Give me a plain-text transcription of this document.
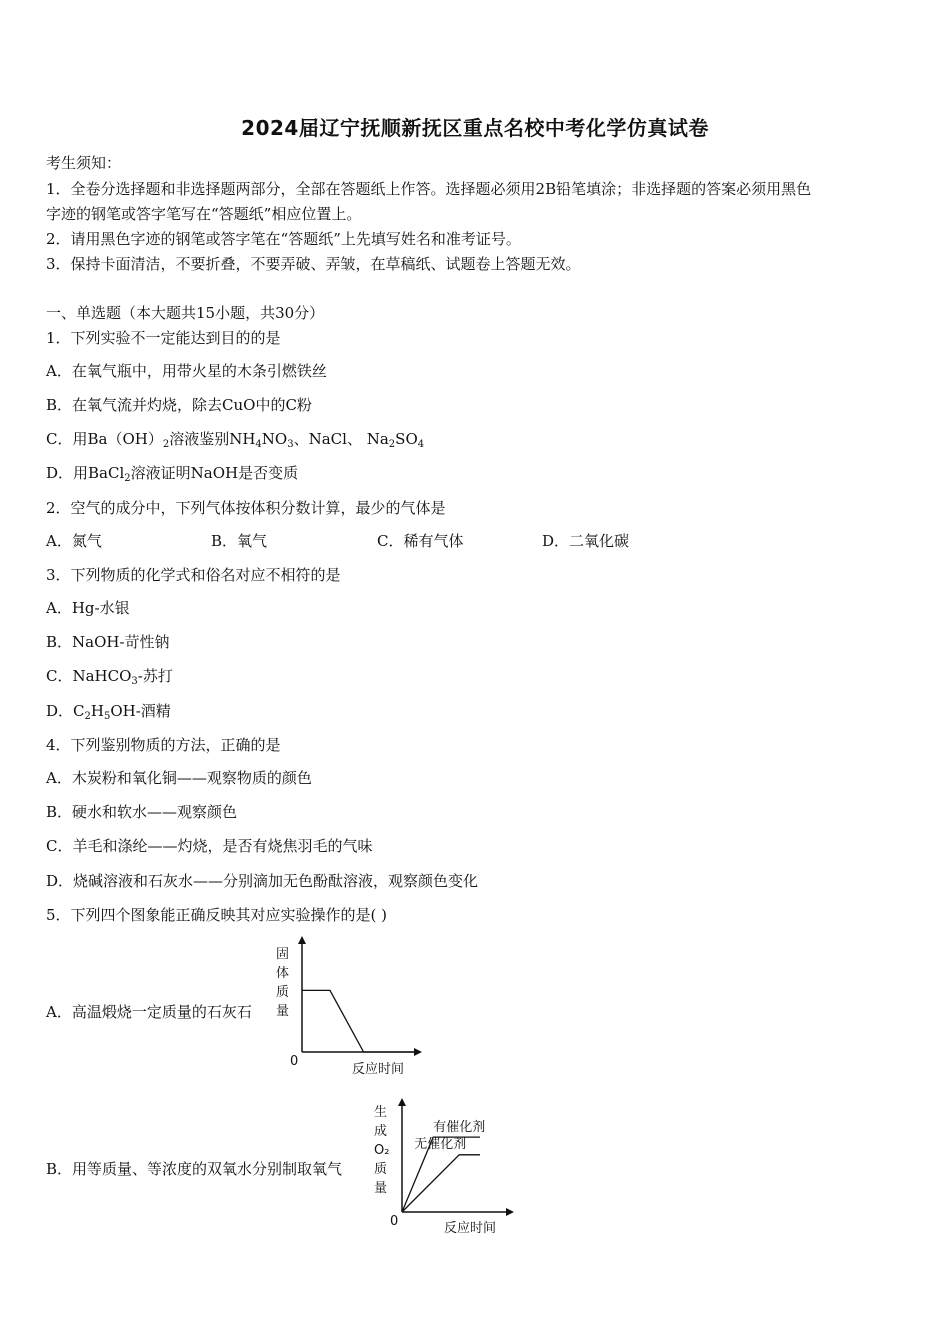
2024届辽宁抚顺新抚区重点名校中考化学仿真试卷
考生须知：
1．全卷分选择题和非选择题两部分，全部在答题纸上作答。选择题必须用2B铅笔填涂；非选择题的答案必须用黑色
字迹的钢笔或答字笔写在“答题纸”相应位置上。
2．请用黑色字迹的钢笔或答字笔在“答题纸”上先填写姓名和准考证号。
3．保持卡面清洁，不要折叠，不要弄破、弄皱，在草稿纸、试题卷上答题无效。
一、单选题（本大题共15小题，共30分）
1．下列实验不一定能达到目的的是
A．在氧气瓶中，用带火星的木条引燃铁丝
B．在氧气流并灼烧，除去CuO中的C粉
C．用$Ba(OH)_2$溶液鉴别$NH_4NO_3$、NaCl、 $Na_2SO_4$
D．用BaCl$_2$溶液证明NaOH是否变质
2．空气的成分中，下列气体按体积分数计算，最少的气体是
A．氮气	B．氧气	C．稀有气体	D．二氧化碳
3．下列物质的化学式和俗名对应不相符的是
A．Hg-水银
B．NaOH-苛性钠
C．NaHCO$_3$-苏打
D．$C_2H_5OH-$酒精
4．下列鉴别物质的方法，正确的是
A．木炭粉和氧化铜——观察物质的颜色
B．硬水和软水——观察颜色
C．羊毛和涤纶——灼烧，是否有烧焦羽毛的气味
D．烧碱溶液和石灰水——分别滴加无色酚酞溶液，观察颜色变化
5．下列四个图象能正确反映其对应实验操作的是( )
A．高温煅烧一定质量的石灰石
B．用等质量、等浓度的双氧水分别制取氧气
固
体
质
量
0
反应时间
生
成
O₂
质
量
0	反应时间
有催化剂
无催化剂
